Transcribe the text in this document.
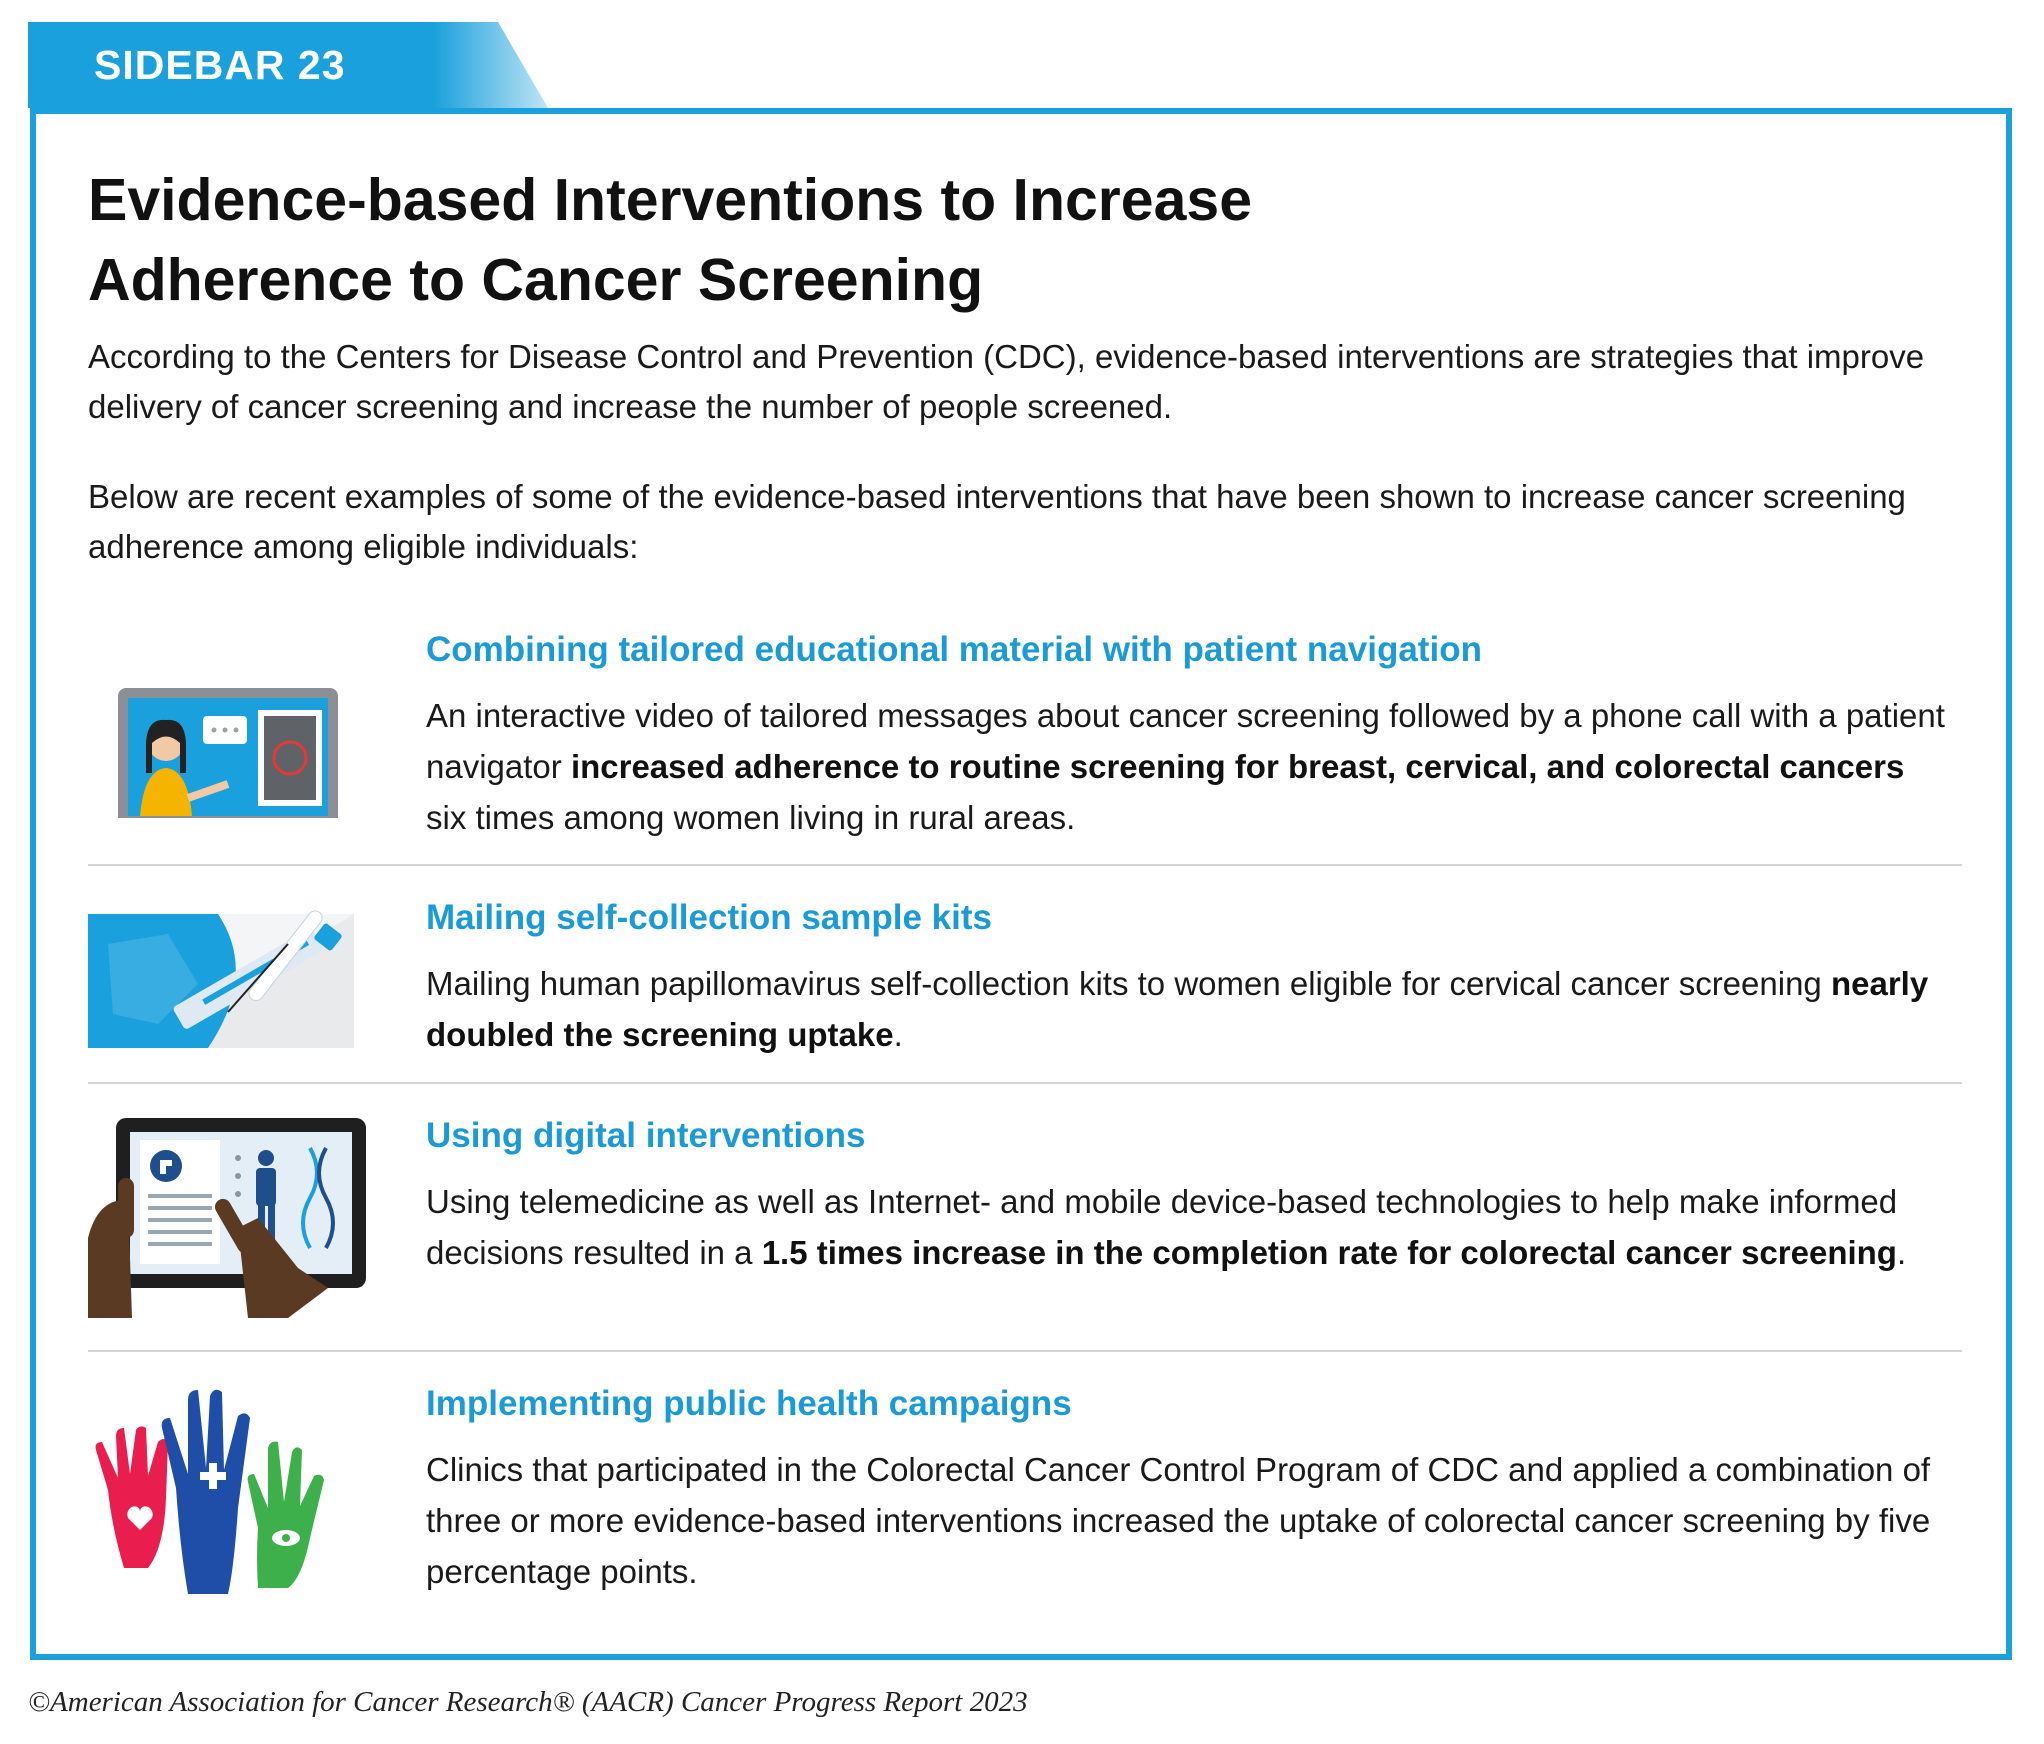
SIDEBAR 23
Evidence-based Interventions to Increase
Adherence to Cancer Screening

According to the Centers for Disease Control and Prevention (CDC), evidence-based interventions are strategies that improve delivery of cancer screening and increase the number of people screened.

Below are recent examples of some of the evidence-based interventions that have been shown to increase cancer screening adherence among eligible individuals:

Combining tailored educational material with patient navigation

An interactive video of tailored messages about cancer screening followed by a phone call with a patient navigator increased adherence to routine screening for breast, cervical, and colorectal cancers six times among women living in rural areas.

Mailing self-collection sample kits

Mailing human papillomavirus self-collection kits to women eligible for cervical cancer screening nearly doubled the screening uptake.

Using digital interventions

Using telemedicine as well as Internet- and mobile device-based technologies to help make informed decisions resulted in a 1.5 times increase in the completion rate for colorectal cancer screening.

Implementing public health campaigns

Clinics that participated in the Colorectal Cancer Control Program of CDC and applied a combination of three or more evidence-based interventions increased the uptake of colorectal cancer screening by five percentage points.

©American Association for Cancer Research® (AACR) Cancer Progress Report 2023
